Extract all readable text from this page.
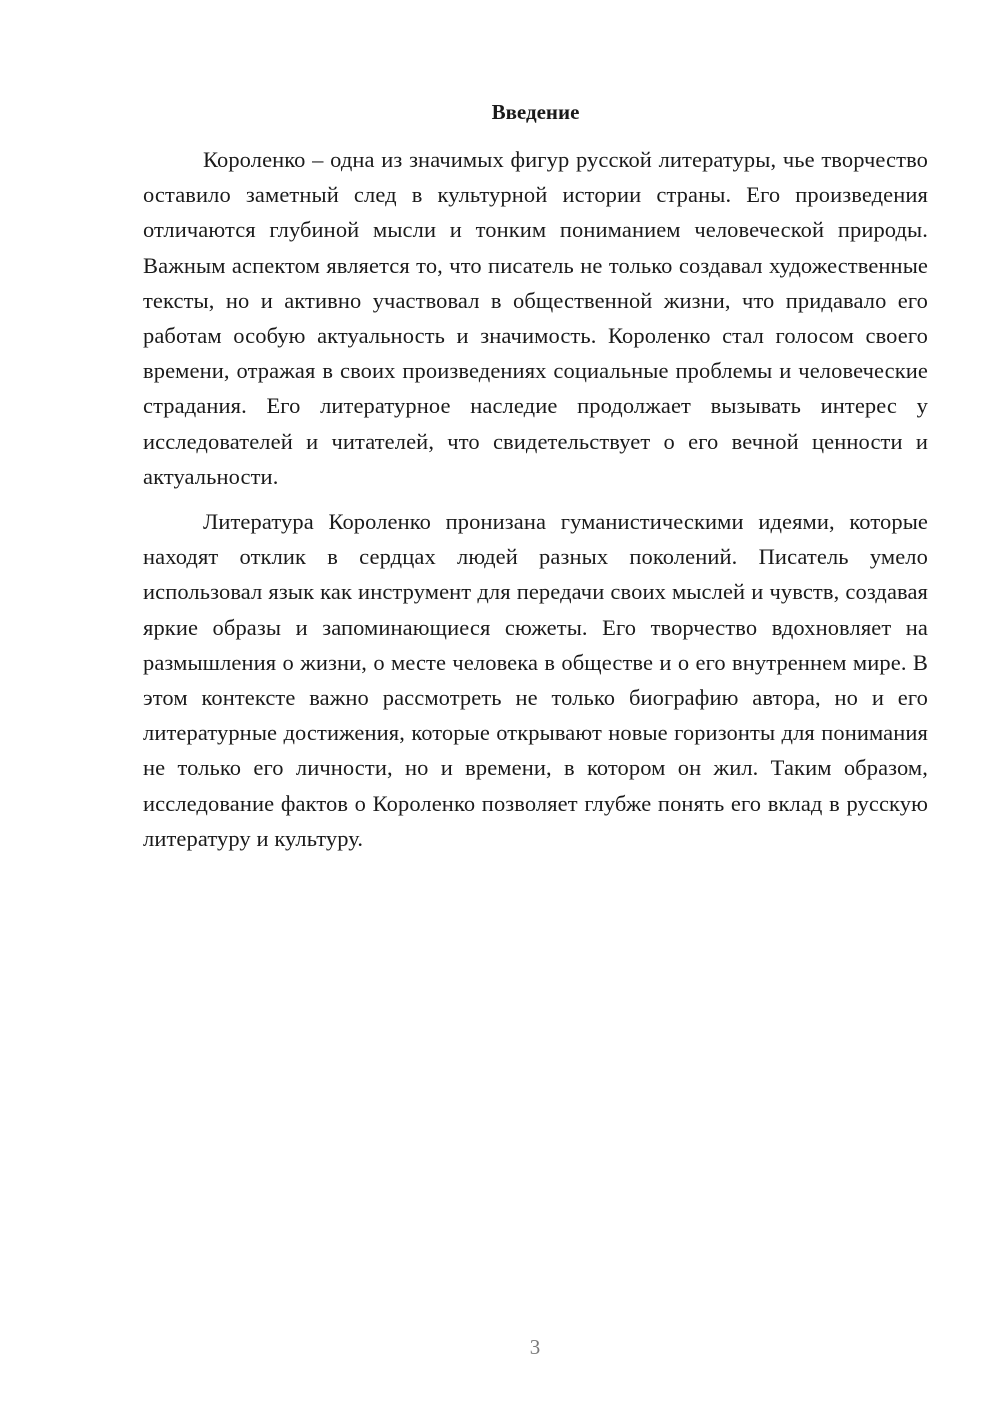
Введение

Короленко – одна из значимых фигур русской литературы, чье творчество оставило заметный след в культурной истории страны. Его произведения отличаются глубиной мысли и тонким пониманием человеческой природы. Важным аспектом является то, что писатель не только создавал художественные тексты, но и активно участвовал в общественной жизни, что придавало его работам особую актуальность и значимость. Короленко стал голосом своего времени, отражая в своих произведениях социальные проблемы и человеческие страдания. Его литературное наследие продолжает вызывать интерес у исследователей и читателей, что свидетельствует о его вечной ценности и актуальности.

Литература Короленко пронизана гуманистическими идеями, которые находят отклик в сердцах людей разных поколений. Писатель умело использовал язык как инструмент для передачи своих мыслей и чувств, создавая яркие образы и запоминающиеся сюжеты. Его творчество вдохновляет на размышления о жизни, о месте человека в обществе и о его внутреннем мире. В этом контексте важно рассмотреть не только биографию автора, но и его литературные достижения, которые открывают новые горизонты для понимания не только его личности, но и времени, в котором он жил. Таким образом, исследование фактов о Короленко позволяет глубже понять его вклад в русскую литературу и культуру.

3
